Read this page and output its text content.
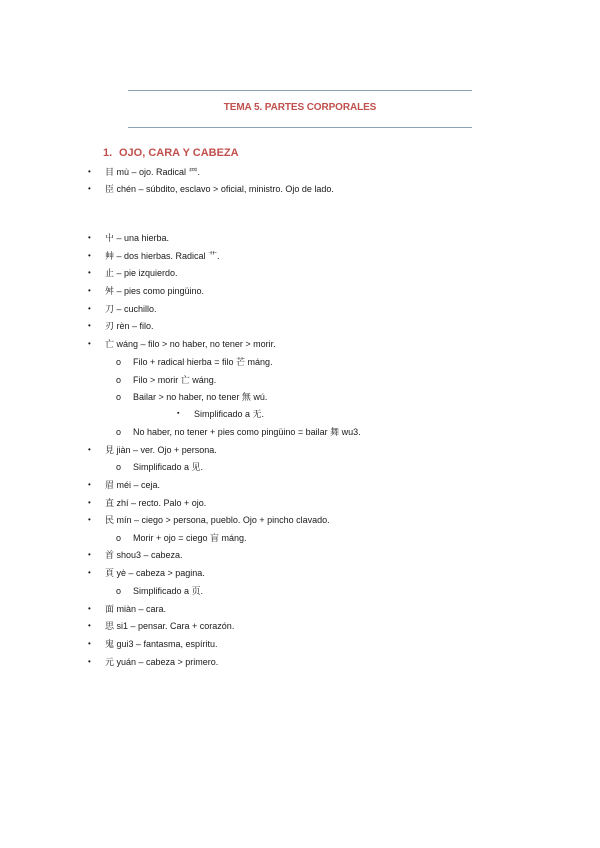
TEMA 5. PARTES CORPORALES
1. OJO, CARA Y CABEZA
• 目 mù – ojo. Radical 罒.
• 臣 chén – súbdito, esclavo > oficial, ministro. Ojo de lado.
• 屮 – una hierba.
• 艸 – dos hierbas. Radical 艹.
• 止 – pie izquierdo.
• 舛 – pies como pingüino.
• 刀 – cuchillo.
• 刃 rèn – filo.
• 亡 wáng – filo > no haber, no tener > morir.
o Filo + radical hierba = filo 芒 máng.
o Filo > morir 亡 wáng.
o Bailar > no haber, no tener 無 wú.
▪ Simplificado a 无.
o No haber, no tener + pies como pingüino = bailar 舞 wu3.
• 見 jiàn – ver. Ojo + persona.
o Simplificado a 见.
• 眉 méi – ceja.
• 直 zhí – recto. Palo + ojo.
• 民 mín – ciego > persona, pueblo. Ojo + pincho clavado.
o Morir + ojo = ciego 盲 máng.
• 首 shou3 – cabeza.
• 頁 yè – cabeza > pagina.
o Simplificado a 页.
• 面 miàn – cara.
• 思 si1 – pensar. Cara + corazón.
• 鬼 gui3 – fantasma, espíritu.
• 元 yuán – cabeza > primero.
